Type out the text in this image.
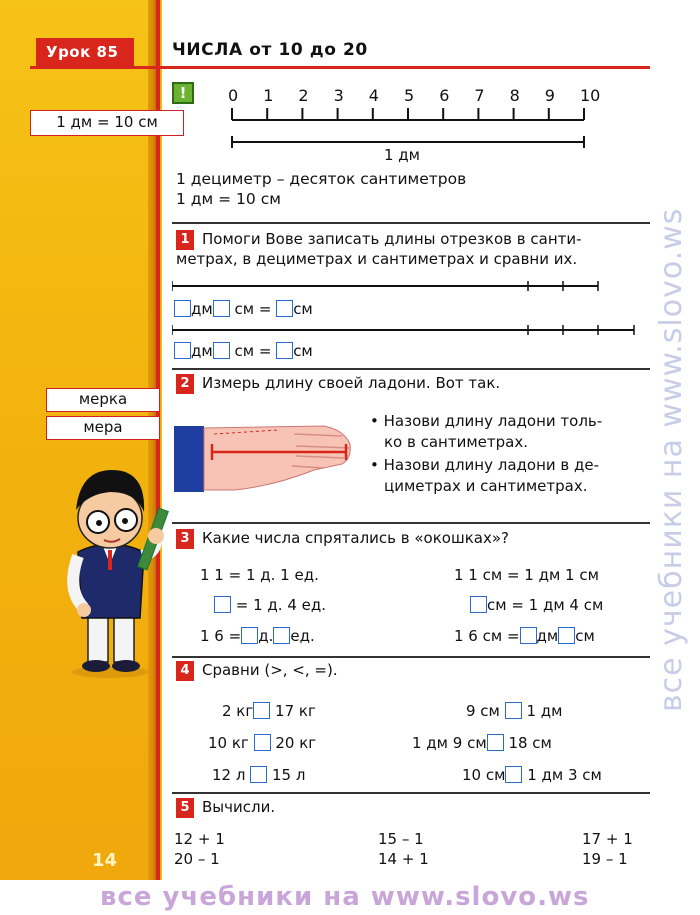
Урок 85	ЧИСЛА от 10 до 20
1 дм = 10 см
мерка
мера
!	0 1 2 3 4 5 6 7 8 9 10
1 дм
1 дециметр – десяток сантиметров
1 дм = 10 см
1 Помоги Вове записать длины отрезков в санти-
метрах, в дециметрах и сантиметрах и сравни их.
дм см = см
дм см = см
2 Измерь длину своей ладони. Вот так.
• Назови длину ладони толь-
ко в сантиметрах.
• Назови длину ладони в де-
циметрах и сантиметрах.
3 Какие числа спрятались в «окошках»?
1 1 = 1 д. 1 ед.
= 1 д. 4 ед.
1 6 = д. ед.
1 1 см = 1 дм 1 см
см = 1 дм 4 см
1 6 см = дм см
4 Сравни (>, <, =).
2 кг 17 кг
10 кг 20 кг
12 л 15 л
9 см 1 дм
1 дм 9 см 18 см
10 см 1 дм 3 см
5 Вычисли.
12 + 1
20 – 1
15 – 1
14 + 1
17 + 1
19 – 1
14
все учебники на www.slovo.ws
все учебники на www.slovo.ws
